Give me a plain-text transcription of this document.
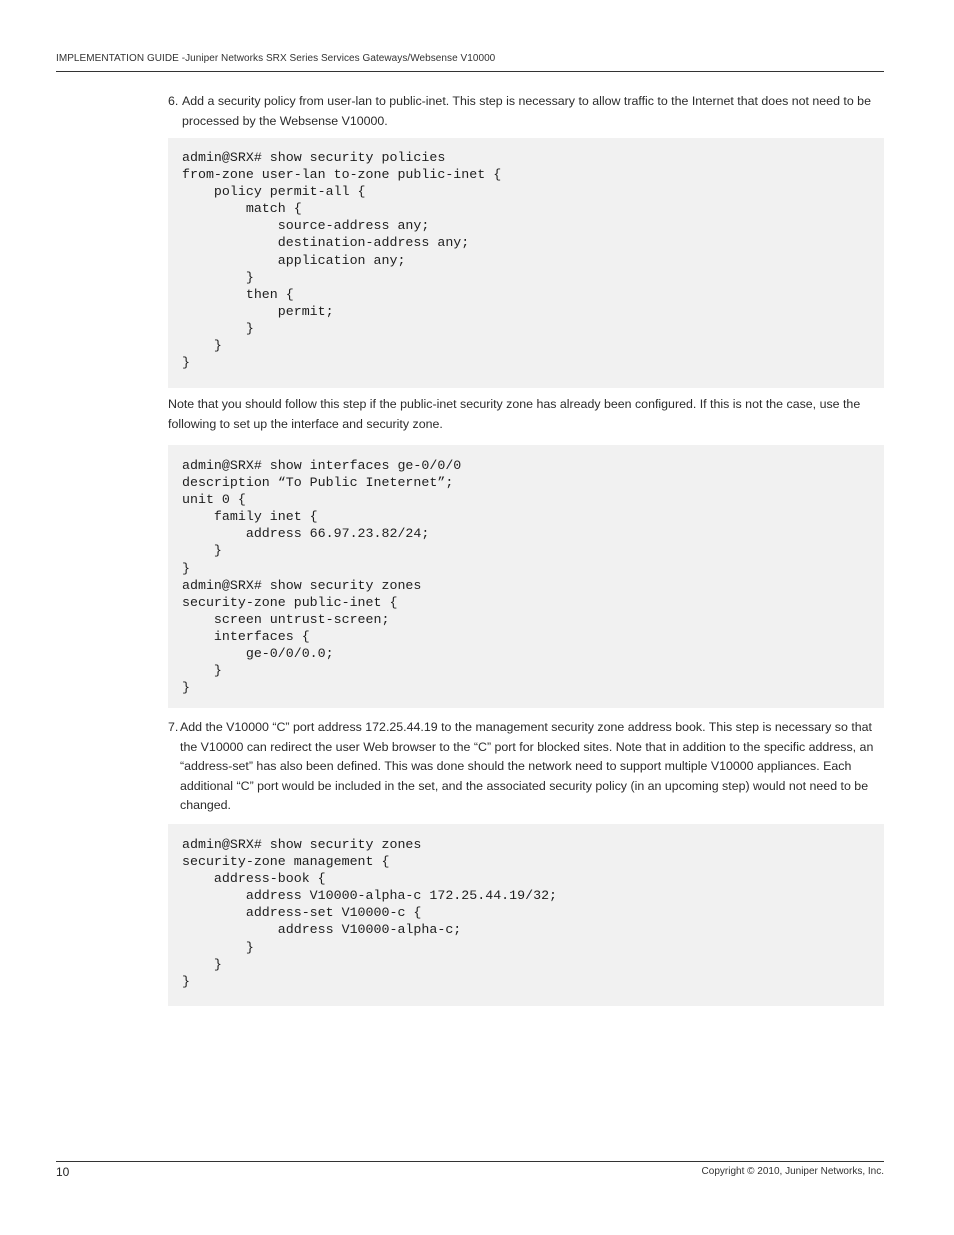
IMPLEMENTATION GUIDE -Juniper Networks SRX Series Services Gateways/Websense V10000
6. Add a security policy from user-lan to public-inet. This step is necessary to allow traffic to the Internet that does not need to be processed by the Websense V10000.
admin@SRX# show security policies
from-zone user-lan to-zone public-inet {
policy permit-all {
match {
source-address any;
destination-address any;
application any;
}
then {
permit;
}
}
}
Note that you should follow this step if the public-inet security zone has already been configured. If this is not the case, use the following to set up the interface and security zone.
admin@SRX# show interfaces ge-0/0/0
description “To Public Ineternet”;
unit 0 {
family inet {
address 66.97.23.82/24;
}
}
admin@SRX# show security zones
security-zone public-inet {
screen untrust-screen;
interfaces {
ge-0/0/0.0;
}
}
7. Add the V10000 “C” port address 172.25.44.19 to the management security zone address book. This step is necessary so that the V10000 can redirect the user Web browser to the “C” port for blocked sites. Note that in addition to the specific address, an “address-set” has also been defined. This was done should the network need to support multiple V10000 appliances. Each additional “C” port would be included in the set, and the associated security policy (in an upcoming step) would not need to be changed.
admin@SRX# show security zones
security-zone management {
address-book {
address V10000-alpha-c 172.25.44.19/32;
address-set V10000-c {
address V10000-alpha-c;
}
}
}
10	Copyright © 2010, Juniper Networks, Inc.
